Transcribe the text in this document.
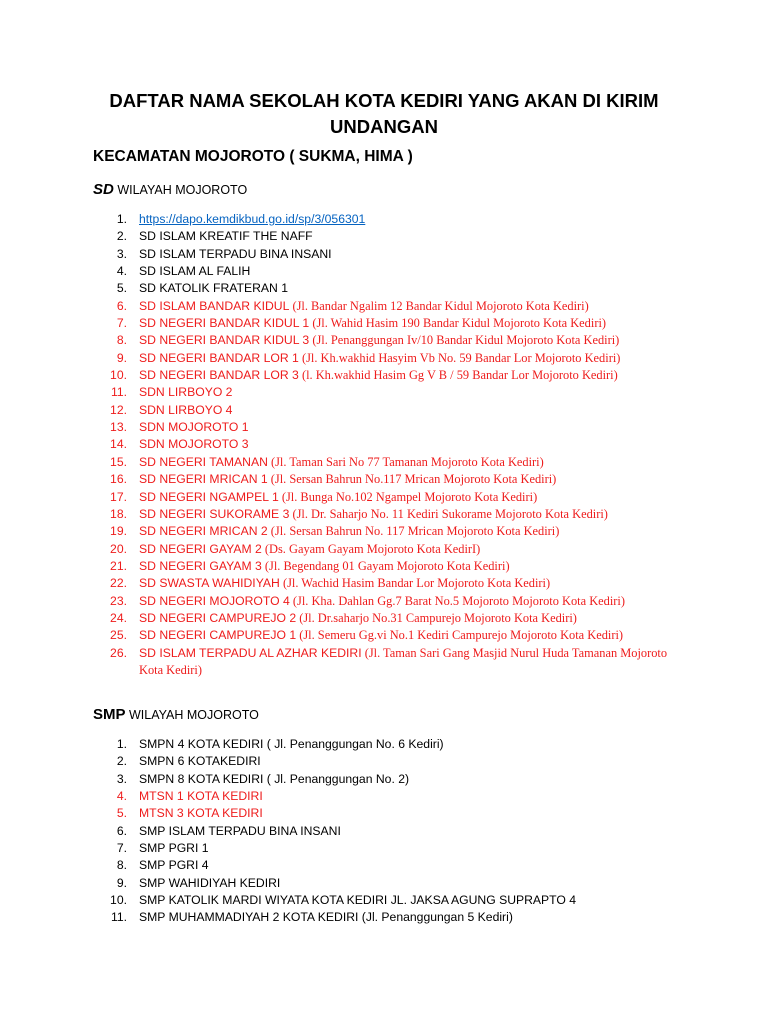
DAFTAR NAMA SEKOLAH KOTA KEDIRI YANG AKAN DI KIRIM
UNDANGAN
KECAMATAN MOJOROTO ( SUKMA, HIMA )
SD WILAYAH MOJOROTO
1. https://dapo.kemdikbud.go.id/sp/3/056301
2. SD ISLAM KREATIF THE NAFF
3. SD ISLAM TERPADU BINA INSANI
4. SD ISLAM AL FALIH
5. SD KATOLIK FRATERAN 1
6. SD ISLAM BANDAR KIDUL (Jl. Bandar Ngalim 12 Bandar Kidul Mojoroto Kota Kediri)
7. SD NEGERI BANDAR KIDUL 1 (Jl. Wahid Hasim 190 Bandar Kidul Mojoroto Kota Kediri)
8. SD NEGERI BANDAR KIDUL 3 (Jl. Penanggungan Iv/10 Bandar Kidul Mojoroto Kota Kediri)
9. SD NEGERI BANDAR LOR 1 (Jl. Kh.wakhid Hasyim Vb No. 59 Bandar Lor Mojoroto Kediri)
10. SD NEGERI BANDAR LOR 3 (l. Kh.wakhid Hasim Gg V B / 59 Bandar Lor Mojoroto Kediri)
11. SDN LIRBOYO 2
12. SDN LIRBOYO 4
13. SDN MOJOROTO 1
14. SDN MOJOROTO 3
15. SD NEGERI TAMANAN (Jl. Taman Sari No 77 Tamanan Mojoroto Kota Kediri)
16. SD NEGERI MRICAN 1 (Jl. Sersan Bahrun No.117 Mrican Mojoroto Kota Kediri)
17. SD NEGERI NGAMPEL 1 (Jl. Bunga No.102 Ngampel Mojoroto Kota Kediri)
18. SD NEGERI SUKORAME 3 (Jl. Dr. Saharjo No. 11 Kediri Sukorame Mojoroto Kota Kediri)
19. SD NEGERI MRICAN 2 (Jl. Sersan Bahrun No. 117 Mrican Mojoroto Kota Kediri)
20. SD NEGERI GAYAM 2 (Ds. Gayam Gayam Mojoroto Kota KedirI)
21. SD NEGERI GAYAM 3 (Jl. Begendang 01 Gayam Mojoroto Kota Kediri)
22. SD SWASTA WAHIDIYAH (Jl. Wachid Hasim Bandar Lor Mojoroto Kota Kediri)
23. SD NEGERI MOJOROTO 4 (Jl. Kha. Dahlan Gg.7 Barat No.5 Mojoroto Mojoroto Kota Kediri)
24. SD NEGERI CAMPUREJO 2 (Jl. Dr.saharjo No.31 Campurejo Mojoroto Kota Kediri)
25. SD NEGERI CAMPUREJO 1 (Jl. Semeru Gg.vi No.1 Kediri Campurejo Mojoroto Kota Kediri)
26. SD ISLAM TERPADU AL AZHAR KEDIRI (Jl. Taman Sari Gang Masjid Nurul Huda Tamanan Mojoroto Kota Kediri)
SMP WILAYAH MOJOROTO
1. SMPN 4 KOTA KEDIRI ( Jl. Penanggungan No. 6 Kediri)
2. SMPN 6 KOTAKEDIRI
3. SMPN 8 KOTA KEDIRI ( Jl. Penanggungan No. 2)
4. MTSN 1 KOTA KEDIRI
5. MTSN 3 KOTA KEDIRI
6. SMP ISLAM TERPADU BINA INSANI
7. SMP PGRI 1
8. SMP PGRI 4
9. SMP WAHIDIYAH KEDIRI
10. SMP KATOLIK MARDI WIYATA KOTA KEDIRI JL. JAKSA AGUNG SUPRAPTO 4
11. SMP MUHAMMADIYAH 2 KOTA KEDIRI (Jl. Penanggungan 5 Kediri)
